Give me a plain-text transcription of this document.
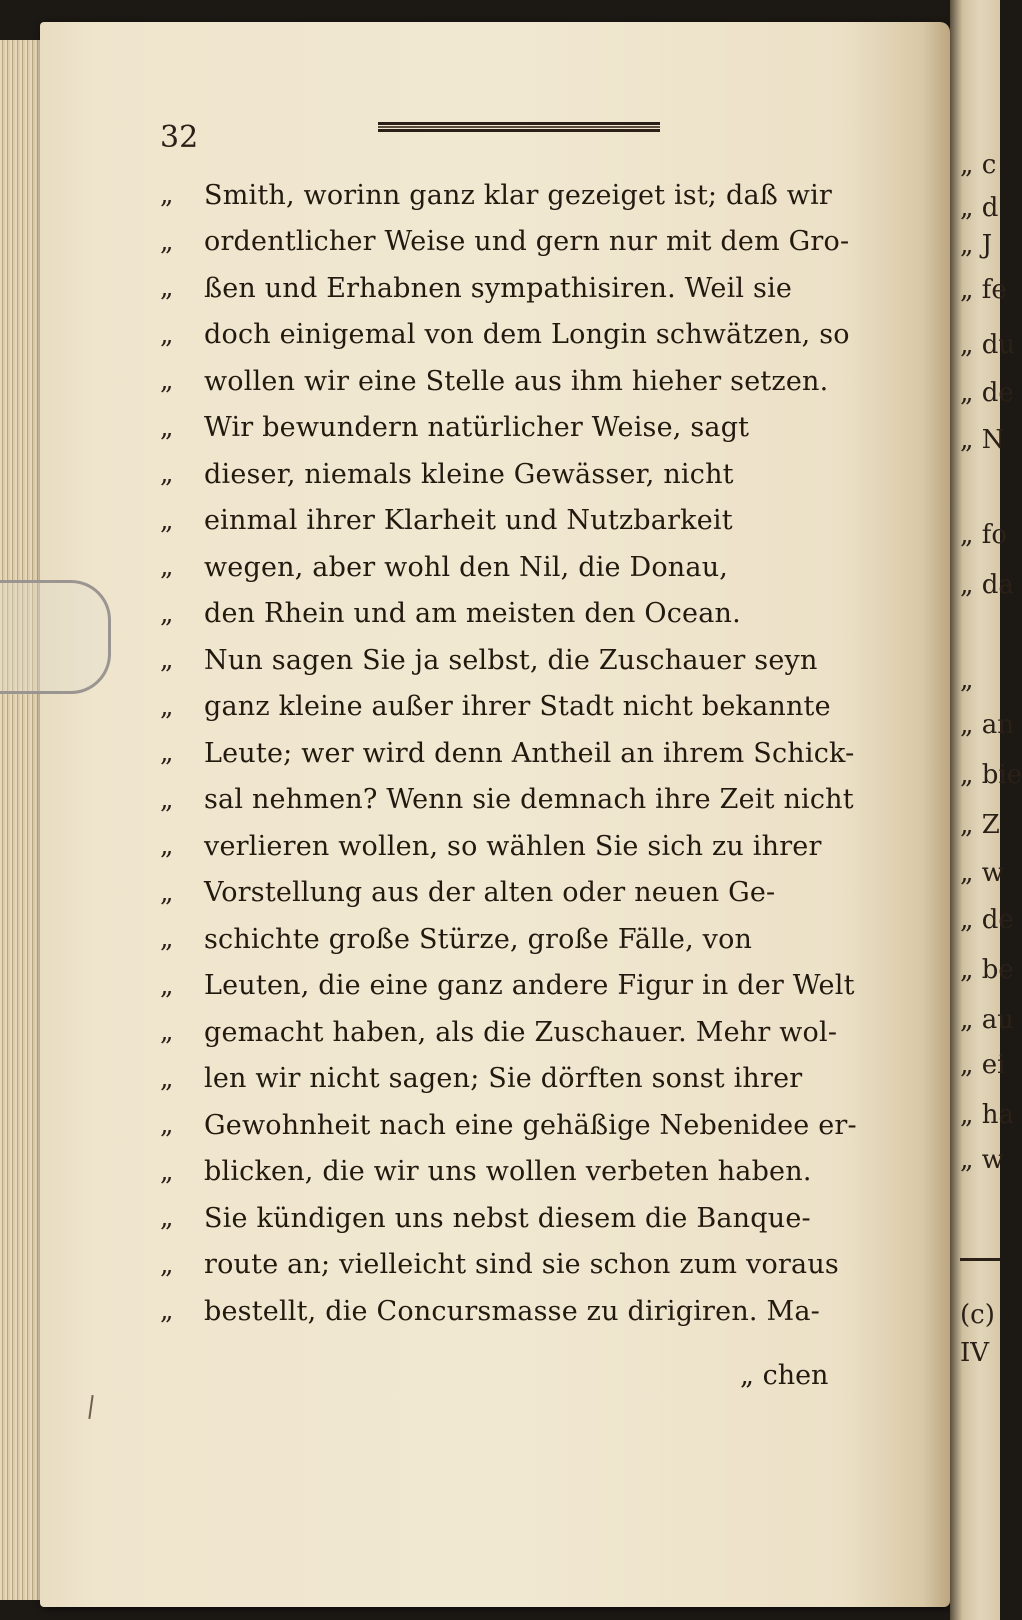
„ c
„ d
„ J
„ fe
„ du
„ de
„ N
„ fo
„ da
„
„ an
„ bie
„ Z
„ w
„ de
„ be
„ au
„ ei
„ ha
„ w
(c)
IV
32
„	Smith, worinn ganz klar gezeiget ist; daß wir
„	ordentlicher Weise und gern nur mit dem Gro-
„	ßen und Erhabnen sympathisiren. Weil sie
„	doch einigemal von dem Longin schwätzen, so
„	wollen wir eine Stelle aus ihm hieher setzen.
„	Wir bewundern natürlicher Weise, sagt
„	dieser, niemals kleine Gewässer, nicht
„	einmal ihrer Klarheit und Nutzbarkeit
„	wegen, aber wohl den Nil, die Donau,
„	den Rhein und am meisten den Ocean.
„	Nun sagen Sie ja selbst, die Zuschauer seyn
„	ganz kleine außer ihrer Stadt nicht bekannte
„	Leute; wer wird denn Antheil an ihrem Schick-
„	sal nehmen? Wenn sie demnach ihre Zeit nicht
„	verlieren wollen, so wählen Sie sich zu ihrer
„	Vorstellung aus der alten oder neuen Ge-
„	schichte große Stürze, große Fälle, von
„	Leuten, die eine ganz andere Figur in der Welt
„	gemacht haben, als die Zuschauer. Mehr wol-
„	len wir nicht sagen; Sie dörften sonst ihrer
„	Gewohnheit nach eine gehäßige Nebenidee er-
„	blicken, die wir uns wollen verbeten haben.
„	Sie kündigen uns nebst diesem die Banque-
„	route an; vielleicht sind sie schon zum voraus
„	bestellt, die Concursmasse zu dirigiren. Ma-
„ chen
